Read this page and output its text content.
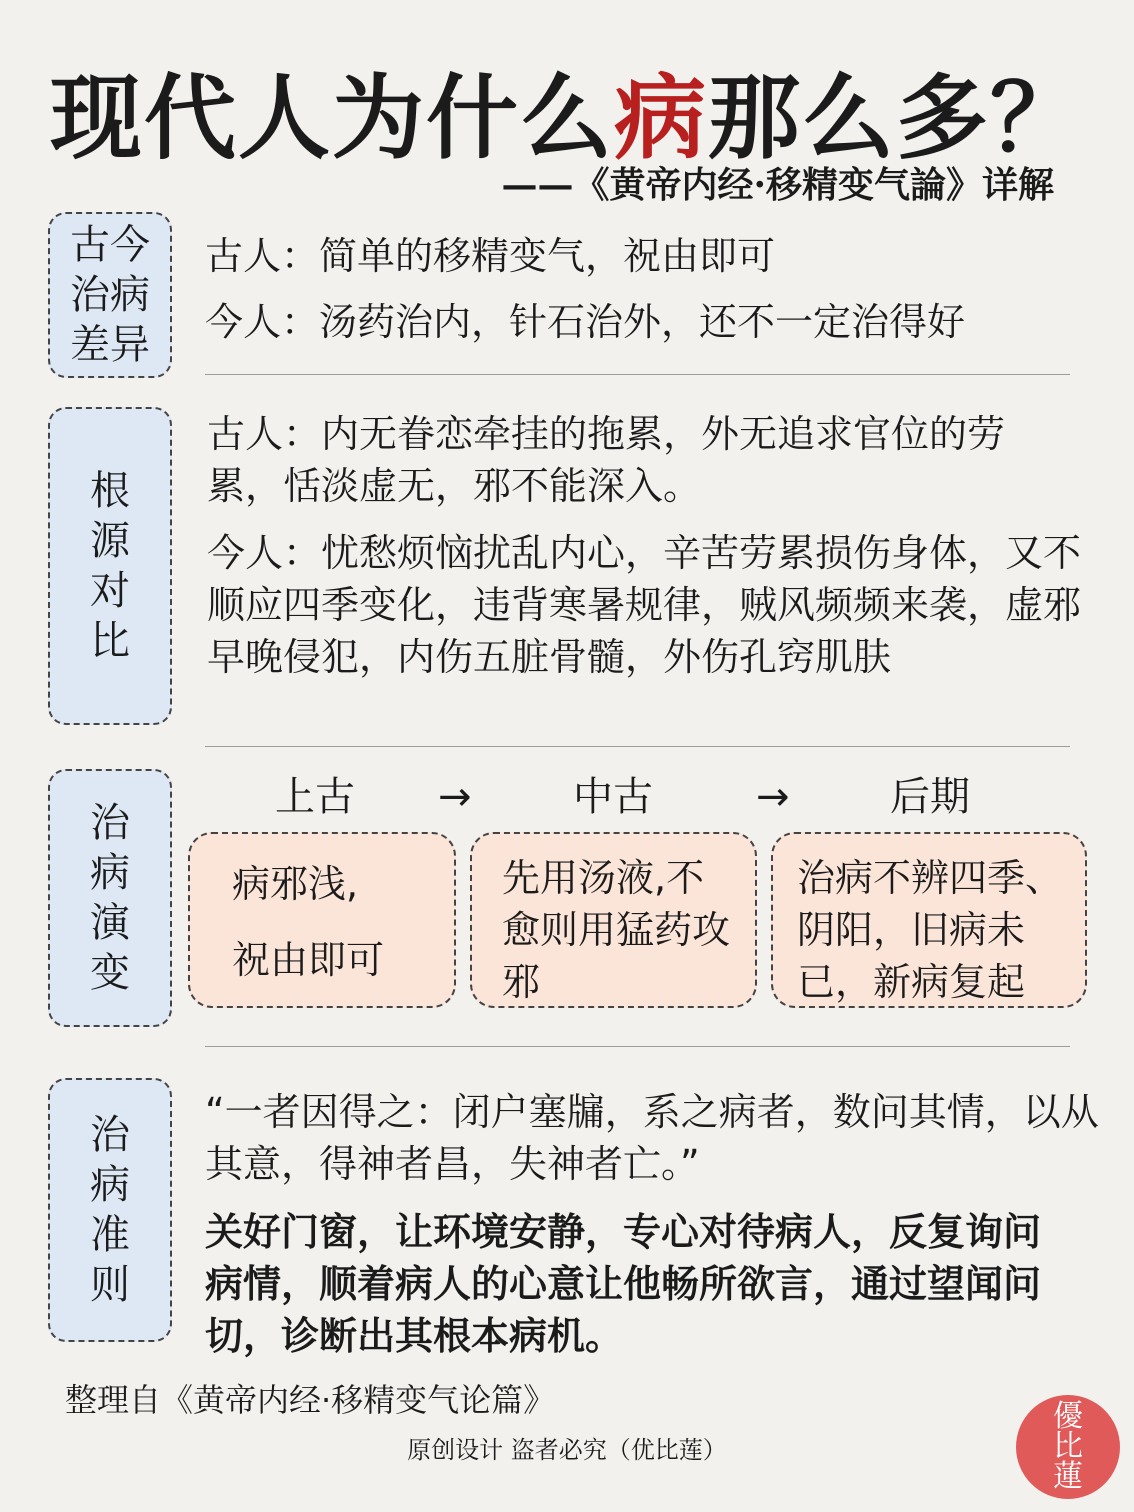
现代人为什么病那么多？
——《黄帝内经·移精变气論》详解
古今治病差异
古人：简单的移精变气，祝由即可
今人：汤药治内，针石治外，还不一定治得好
根源对比
古人：内无眷恋牵挂的拖累，外无追求官位的劳累，恬淡虚无，邪不能深入。
今人：忧愁烦恼扰乱内心，辛苦劳累损伤身体，又不顺应四季变化，违背寒暑规律，贼风频频来袭，虚邪早晚侵犯，内伤五脏骨髓，外伤孔窍肌肤
治病演变
上古	→	中古	→	后期
病邪浅,
祝由即可
先用汤液,不愈则用猛药攻邪
治病不辨四季、阴阳，旧病未已，新病复起
治病准则
“一者因得之：闭户塞牖，系之病者，数问其情，以从其意，得神者昌，失神者亡。”
关好门窗，让环境安静，专心对待病人，反复询问病情，顺着病人的心意让他畅所欲言，通过望闻问切，诊断出其根本病机。
整理自《黄帝内经·移精变气论篇》
原创设计 盗者必究（优比莲）
優比蓮
